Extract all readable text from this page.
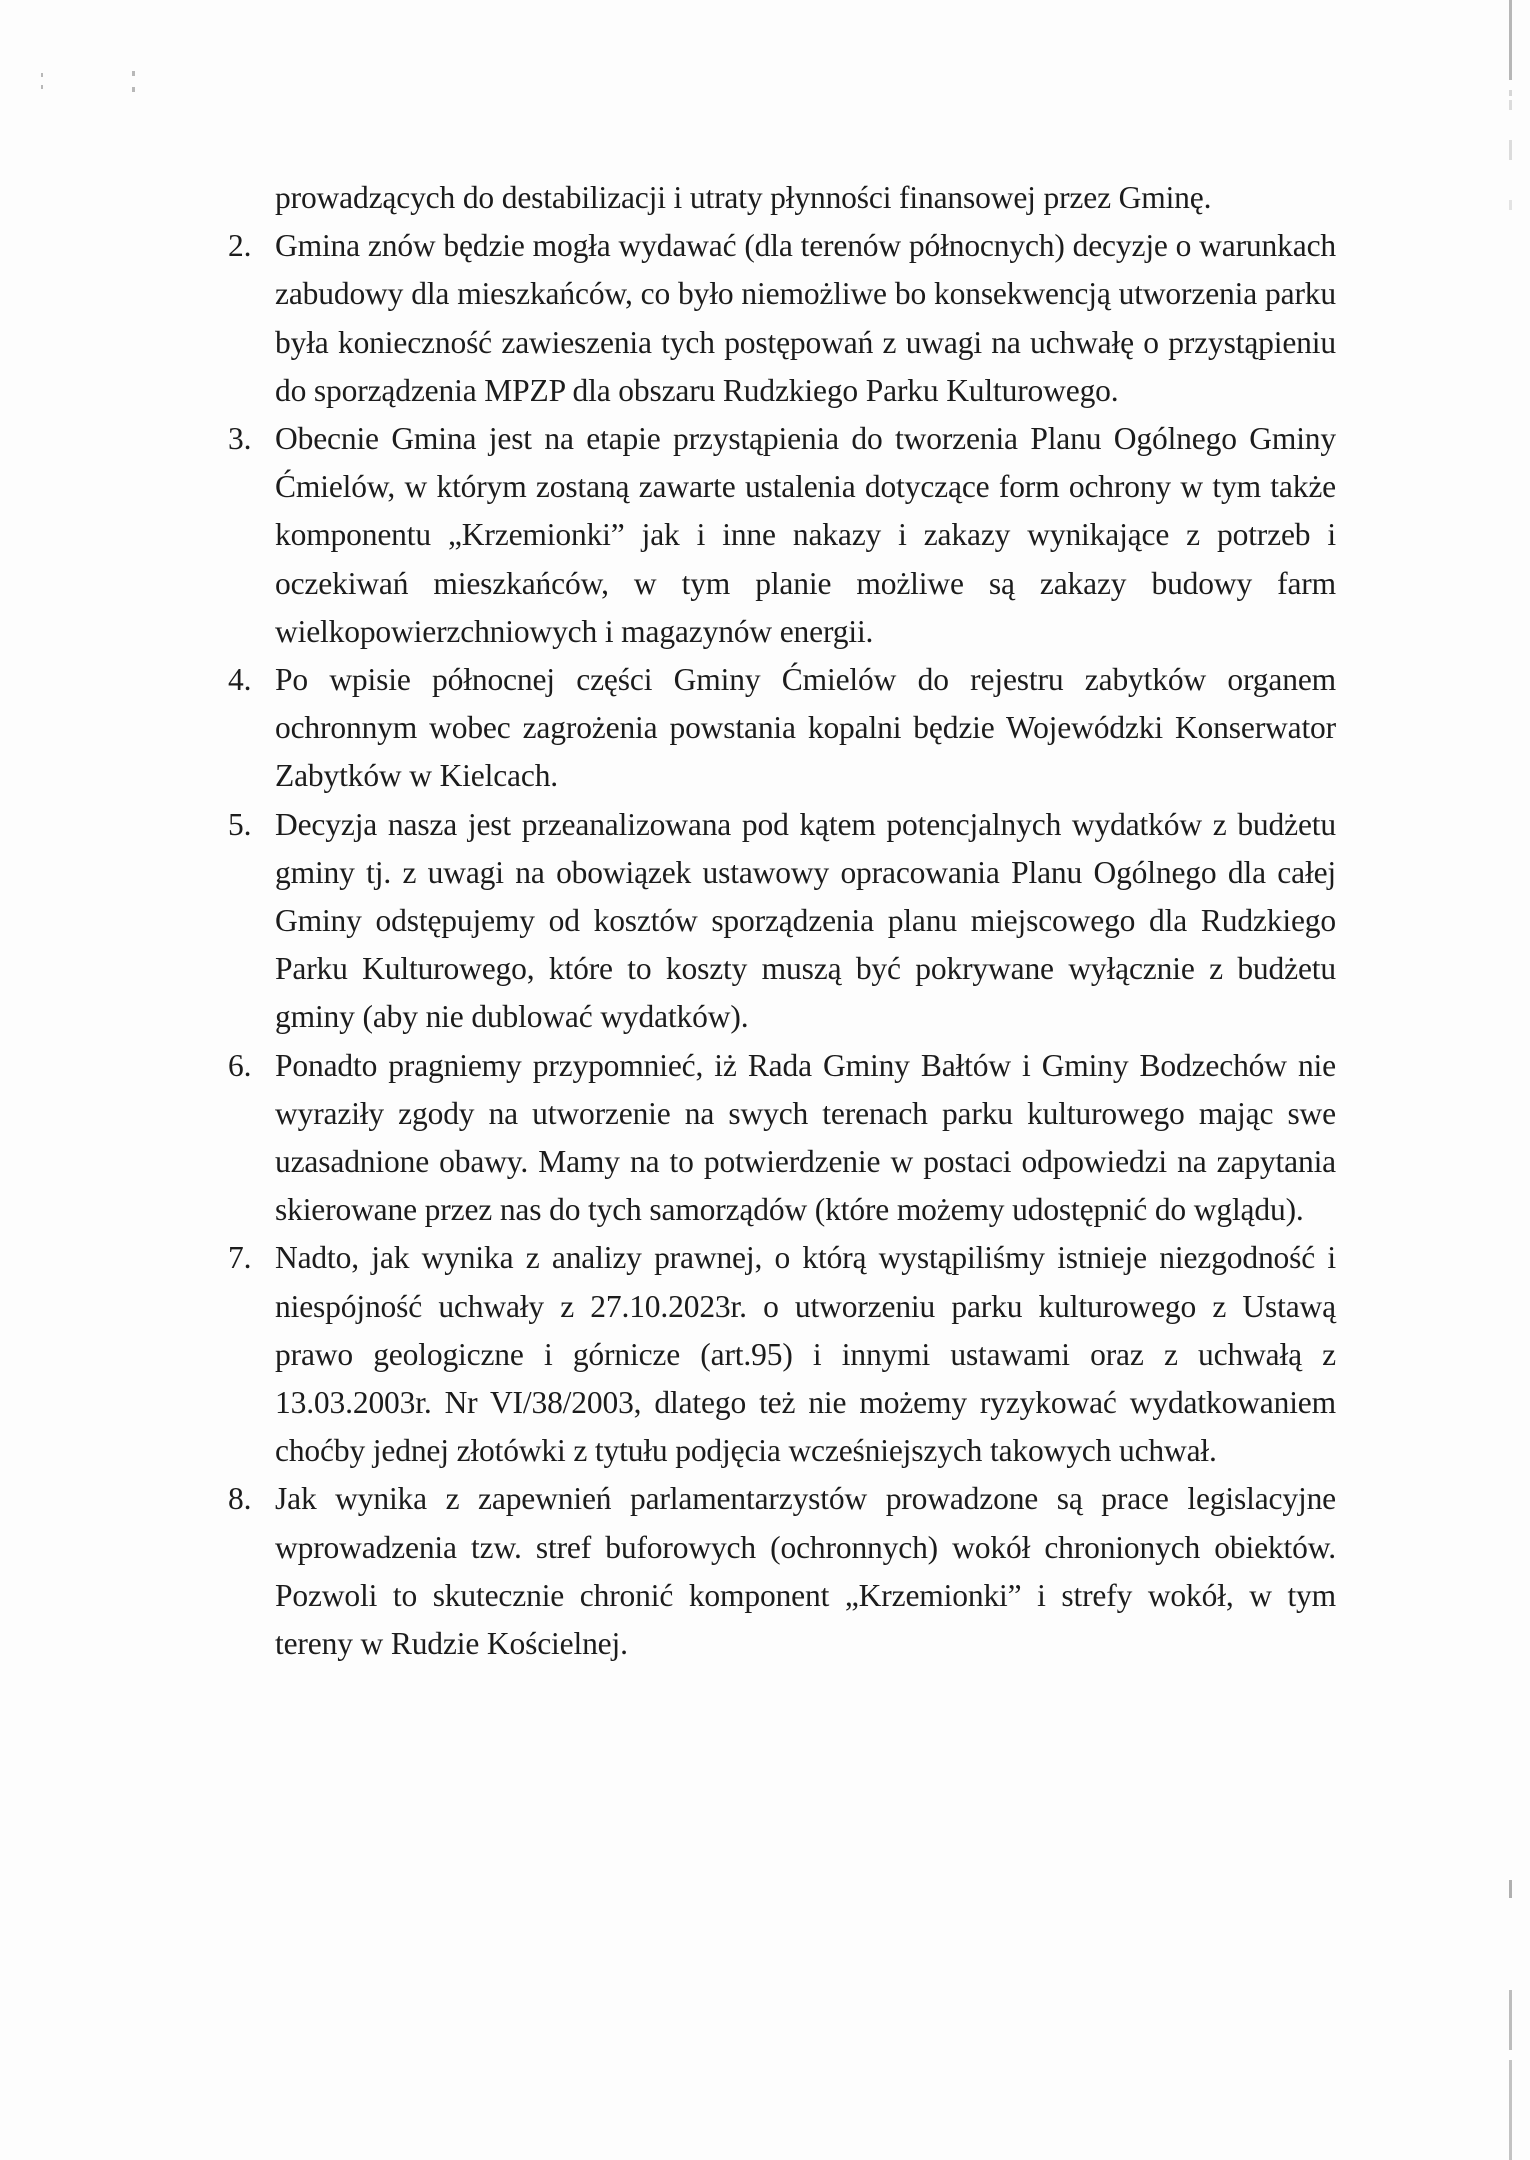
prowadzących do destabilizacji i utraty płynności finansowej przez Gminę.

2. Gmina znów będzie mogła wydawać (dla terenów północnych) decyzje o warunkach zabudowy dla mieszkańców, co było niemożliwe bo konsekwencją utworzenia parku była konieczność zawieszenia tych postępowań z uwagi na uchwałę o przystąpieniu do sporządzenia MPZP dla obszaru Rudzkiego Parku Kulturowego.
3. Obecnie Gmina jest na etapie przystąpienia do tworzenia Planu Ogólnego Gminy Ćmielów, w którym zostaną zawarte ustalenia dotyczące form ochrony w tym także komponentu „Krzemionki” jak i inne nakazy i zakazy wynikające z potrzeb i oczekiwań mieszkańców, w tym planie możliwe są zakazy budowy farm wielkopowierzchniowych i magazynów energii.
4. Po wpisie północnej części Gminy Ćmielów do rejestru zabytków organem ochronnym wobec zagrożenia powstania kopalni będzie Wojewódzki Konserwator Zabytków w Kielcach.
5. Decyzja nasza jest przeanalizowana pod kątem potencjalnych wydatków z budżetu gminy tj. z uwagi na obowiązek ustawowy opracowania Planu Ogólnego dla całej Gminy odstępujemy od kosztów sporządzenia planu miejscowego dla Rudzkiego Parku Kulturowego, które to koszty muszą być pokrywane wyłącznie z budżetu gminy (aby nie dublować wydatków).
6. Ponadto pragniemy przypomnieć, iż Rada Gminy Bałtów i Gminy Bodzechów nie wyraziły zgody na utworzenie na swych terenach parku kulturowego mając swe uzasadnione obawy. Mamy na to potwierdzenie w postaci odpowiedzi na zapytania skierowane przez nas do tych samorządów (które możemy udostępnić do wglądu).
7. Nadto, jak wynika z analizy prawnej, o którą wystąpiliśmy istnieje niezgodność i niespójność uchwały z 27.10.2023r. o utworzeniu parku kulturowego z Ustawą prawo geologiczne i górnicze (art.95) i innymi ustawami oraz z uchwałą z 13.03.2003r. Nr VI/38/2003, dlatego też nie możemy ryzykować wydatkowaniem choćby jednej złotówki z tytułu podjęcia wcześniejszych takowych uchwał.
8. Jak wynika z zapewnień parlamentarzystów prowadzone są prace legislacyjne wprowadzenia tzw. stref buforowych (ochronnych) wokół chronionych obiektów. Pozwoli to skutecznie chronić komponent „Krzemionki” i strefy wokół, w tym tereny w Rudzie Kościelnej.
